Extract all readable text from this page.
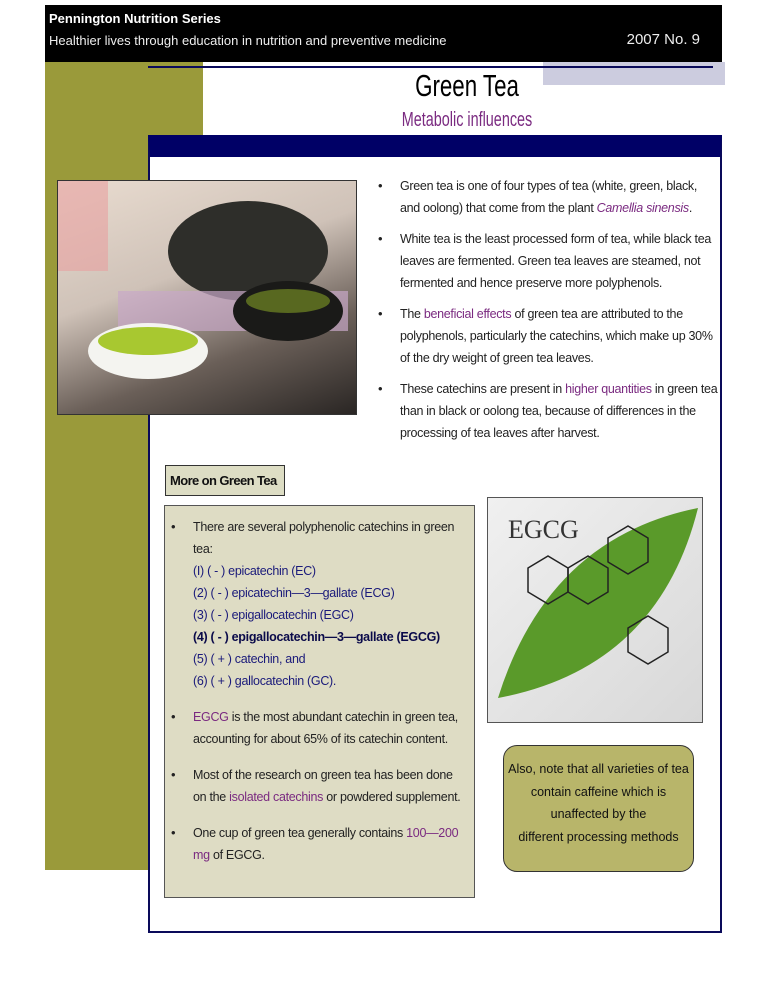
Pennington Nutrition Series
Healthier lives through education in nutrition and preventive medicine	2007 No. 9
Green Tea
Metabolic influences
• Green tea is one of four types of tea (white, green, black, and oolong) that come from the plant Camellia sinensis.
• White tea is the least processed form of tea, while black tea leaves are fermented. Green tea leaves are steamed, not fermented and hence preserve more polyphenols.
• The beneficial effects of green tea are attributed to the polyphenols, particularly the catechins, which make up 30% of the dry weight of green tea leaves.
• These catechins are present in higher quantities in green tea than in black or oolong tea, because of differences in the processing of tea leaves after harvest.
• There are several polyphenolic catechins in green tea:
(I) ( - ) epicatechin (EC)
(2) ( - ) epicatechin—3—gallate (ECG)
(3) ( - ) epigallocatechin (EGC)
(4) ( - ) epigallocatechin—3—gallate (EGCG)
(5) ( + ) catechin, and
(6) ( + ) gallocatechin (GC).
• EGCG is the most abundant catechin in green tea, accounting for about 65% of its catechin content.
• Most of the research on green tea has been done on the isolated catechins or powdered supplement.
• One cup of green tea generally contains 100—200 mg of EGCG.
More on Green Tea
EGCG
Also, note that all varieties of tea
contain caffeine which is
unaffected by the
different processing methods
